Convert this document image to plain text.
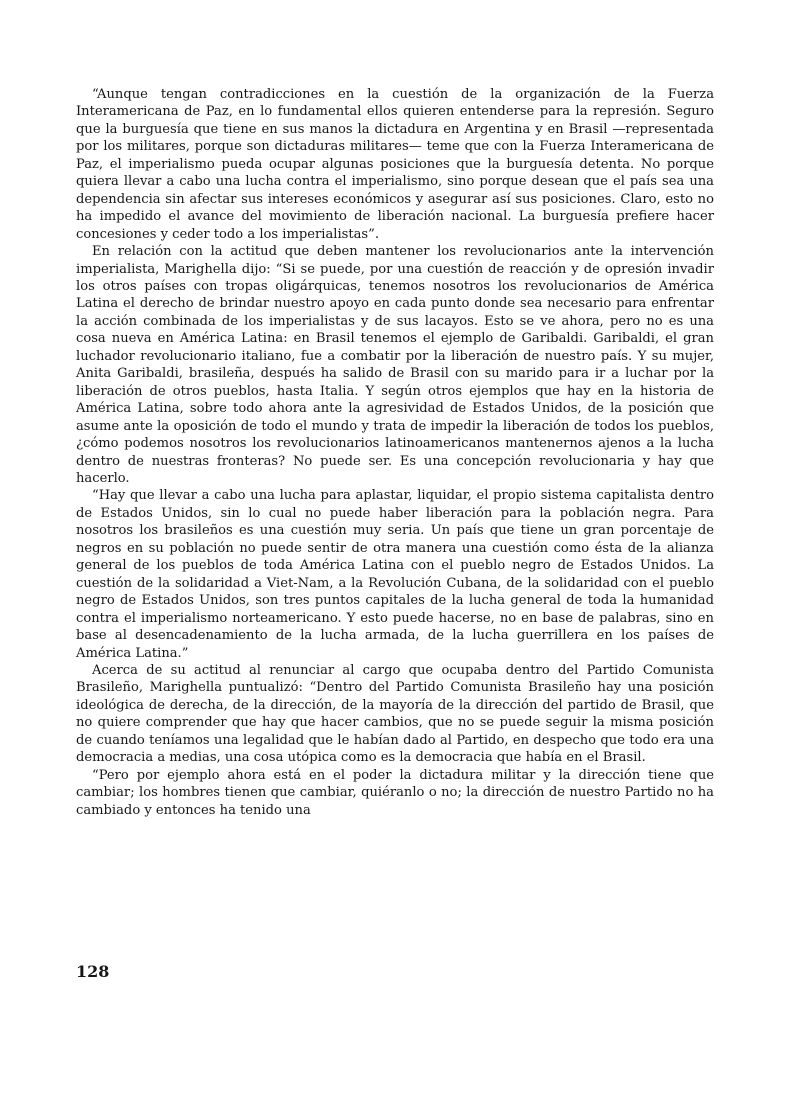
“Aunque tengan contradicciones en la cuestión de la organización de la Fuerza Interamericana de Paz, en lo fundamental ellos quieren entenderse para la represión. Seguro que la burguesía que tiene en sus manos la dictadura en Argentina y en Brasil —representada por los militares, porque son dictaduras militares— teme que con la Fuerza Interamericana de Paz, el imperialismo pueda ocupar algunas posiciones que la burguesía detenta. No porque quiera llevar a cabo una lucha contra el imperialismo, sino porque desean que el país sea una dependencia sin afectar sus intereses económicos y asegurar así sus posiciones. Claro, esto no ha impedido el avance del movimiento de liberación nacional. La burguesía prefiere hacer concesiones y ceder todo a los imperialistas”.

En relación con la actitud que deben mantener los revolucionarios ante la intervención imperialista, Marighella dijo: “Si se puede, por una cuestión de reacción y de opresión invadir los otros países con tropas oligárquicas, tenemos nosotros los revolucionarios de América Latina el derecho de brindar nuestro apoyo en cada punto donde sea necesario para enfrentar la acción combinada de los imperialistas y de sus lacayos. Esto se ve ahora, pero no es una cosa nueva en América Latina: en Brasil tenemos el ejemplo de Garibaldi. Garibaldi, el gran luchador revolucionario italiano, fue a combatir por la liberación de nuestro país. Y su mujer, Anita Garibaldi, brasileña, después ha salido de Brasil con su marido para ir a luchar por la liberación de otros pueblos, hasta Italia. Y según otros ejemplos que hay en la historia de América Latina, sobre todo ahora ante la agresividad de Estados Unidos, de la posición que asume ante la oposición de todo el mundo y trata de impedir la liberación de todos los pueblos, ¿cómo podemos nosotros los revolucionarios latinoamericanos mantenernos ajenos a la lucha dentro de nuestras fronteras? No puede ser. Es una concepción revolucionaria y hay que hacerlo.

“Hay que llevar a cabo una lucha para aplastar, liquidar, el propio sistema capitalista dentro de Estados Unidos, sin lo cual no puede haber liberación para la población negra. Para nosotros los brasileños es una cuestión muy seria. Un país que tiene un gran porcentaje de negros en su población no puede sentir de otra manera una cuestión como ésta de la alianza general de los pueblos de toda América Latina con el pueblo negro de Estados Unidos. La cuestión de la solidaridad a Viet-Nam, a la Revolución Cubana, de la solidaridad con el pueblo negro de Estados Unidos, son tres puntos capitales de la lucha general de toda la humanidad contra el imperialismo norteamericano. Y esto puede hacerse, no en base de palabras, sino en base al desencadenamiento de la lucha armada, de la lucha guerrillera en los países de América Latina.”

Acerca de su actitud al renunciar al cargo que ocupaba dentro del Partido Comunista Brasileño, Marighella puntualizó: “Dentro del Partido Comunista Brasileño hay una posición ideológica de derecha, de la dirección, de la mayoría de la dirección del partido de Brasil, que no quiere comprender que hay que hacer cambios, que no se puede seguir la misma posición de cuando teníamos una legalidad que le habían dado al Partido, en despecho que todo era una democracia a medias, una cosa utópica como es la democracia que había en el Brasil.

“Pero por ejemplo ahora está en el poder la dictadura militar y la dirección tiene que cambiar; los hombres tienen que cambiar, quiéranlo o no; la dirección de nuestro Partido no ha cambiado y entonces ha tenido una

128
